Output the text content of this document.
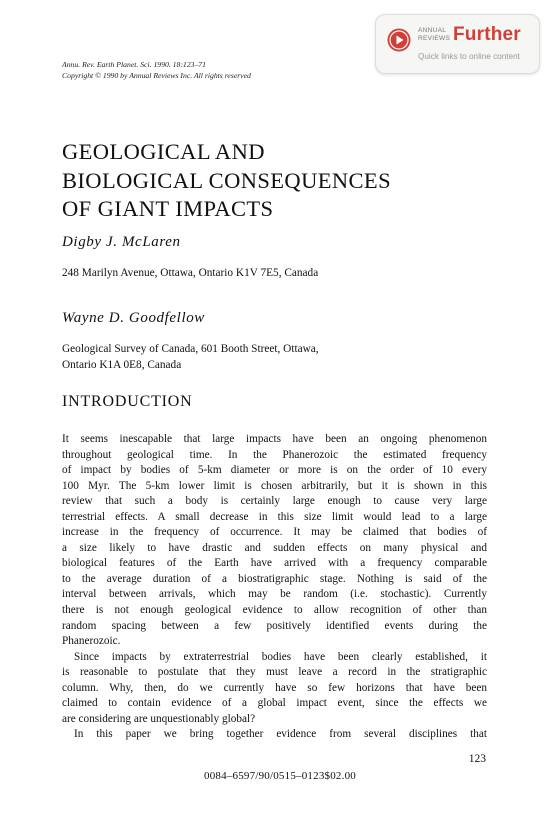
ANNUAL
REVIEWS Further
Quick links to online content
Annu. Rev. Earth Planet. Sci. 1990. 18:123–71
Copyright © 1990 by Annual Reviews Inc. All rights reserved
GEOLOGICAL AND
BIOLOGICAL CONSEQUENCES
OF GIANT IMPACTS
Digby J. McLaren
248 Marilyn Avenue, Ottawa, Ontario K1V 7E5, Canada
Wayne D. Goodfellow
Geological Survey of Canada, 601 Booth Street, Ottawa,
Ontario K1A 0E8, Canada
INTRODUCTION
It seems inescapable that large impacts have been an ongoing phenomenon
throughout geological time. In the Phanerozoic the estimated frequency
of impact by bodies of 5-km diameter or more is on the order of 10 every
100 Myr. The 5-km lower limit is chosen arbitrarily, but it is shown in this
review that such a body is certainly large enough to cause very large
terrestrial effects. A small decrease in this size limit would lead to a large
increase in the frequency of occurrence. It may be claimed that bodies of
a size likely to have drastic and sudden effects on many physical and
biological features of the Earth have arrived with a frequency comparable
to the average duration of a biostratigraphic stage. Nothing is said of the
interval between arrivals, which may be random (i.e. stochastic). Currently
there is not enough geological evidence to allow recognition of other than
random spacing between a few positively identified events during the
Phanerozoic.
Since impacts by extraterrestrial bodies have been clearly established, it
is reasonable to postulate that they must leave a record in the stratigraphic
column. Why, then, do we currently have so few horizons that have been
claimed to contain evidence of a global impact event, since the effects we
are considering are unquestionably global?
In this paper we bring together evidence from several disciplines that
123
0084–6597/90/0515–0123$02.00
